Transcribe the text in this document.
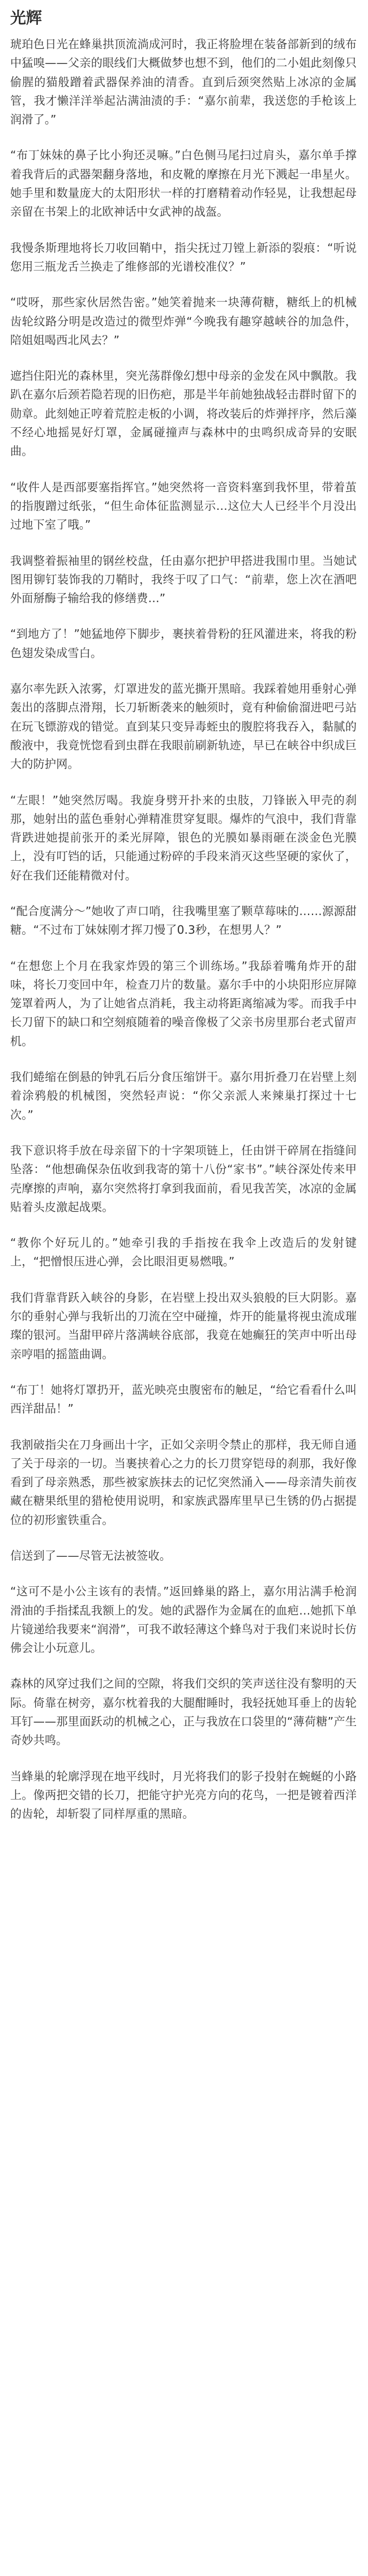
光辉

琥珀色日光在蜂巢拱顶流淌成河时，我正将脸埋在装备部新到的绒布中猛嗅——父亲的眼线们大概做梦也想不到，他们的二小姐此刻像只偷腥的猫般蹭着武器保养油的清香。直到后颈突然贴上冰凉的金属管，我才懒洋洋举起沾满油渍的手：“嘉尔前辈，我送您的手枪该上润滑了。”

“布丁妹妹的鼻子比小狗还灵嘛。”白色侧马尾扫过肩头，嘉尔单手撑着我背后的武器架翻身落地，和皮靴的摩擦在月光下溅起一串星火。她手里和数量庞大的太阳形状一样的打磨精着动作轻晃，让我想起母亲留在书架上的北欧神话中女武神的战盔。

我慢条斯理地将长刀收回鞘中，指尖抚过刀镗上新添的裂痕：“听说您用三瓶龙舌兰换走了维修部的光谱校准仪？”

“哎呀，那些家伙居然告密。”她笑着抛来一块薄荷糖，糖纸上的机械齿轮纹路分明是改造过的微型炸弹“今晚我有趣穿越峡谷的加急件，陪姐姐喝西北风去？”

遮挡住阳光的森林里，突光荡群像幻想中母亲的金发在风中飘散。我趴在嘉尔后颈若隐若现的旧伤疤，那是半年前她独战轻击群时留下的勋章。此刻她正哼着荒腔走板的小调，将改装后的炸弹抨序，然后藻不经心地摇晃好灯罩，金属碰撞声与森林中的虫鸣织成奇异的安眠曲。

“收件人是西部要塞指挥官。”她突然将一音资料塞到我怀里，带着茧的指腹蹭过纸张，“但生命体征监测显示…这位大人已经半个月没出过地下室了哦。”

我调整着振袖里的钢丝校盘，任由嘉尔把护甲搭进我围巾里。当她试图用铆钉装饰我的刀鞘时，我终于叹了口气：“前辈，您上次在酒吧外面掰酶子输给我的修缮费…”

“到地方了！”她猛地停下脚步，裹挟着骨粉的狂风灌进来，将我的粉色翅发染成雪白。

嘉尔率先跃入浓雾，灯罩进发的蓝光撕开黑暗。我踩着她用垂射心弹轰出的落脚点滑翔，长刀斩断袭来的触须时，竟有种偷偷溜进吧弓站在玩飞镖游戏的错觉。直到某只变异毒蛭虫的腹腔将我吞入，黏腻的酸液中，我竟恍惚看到虫群在我眼前刷新轨迹，早已在峡谷中织成巨大的防护网。

“左眼！”她突然厉喝。我旋身劈开扑来的虫肢，刀锋嵌入甲壳的刹那，她射出的蓝色垂射心弹精准贯穿复眼。爆炸的气浪中，我们背靠背跌进她提前张开的柔光屏障，银色的光膜如暴雨砸在淡金色光膜上，没有叮铛的话，只能通过粉碎的手段来消灭这些坚硬的家伙了，好在我们还能精微对付。

“配合度满分～”她收了声口哨，往我嘴里塞了颗草莓味的……源源甜糖。“不过布丁妹妹刚才挥刀慢了0.3秒，在想男人？”

“在想您上个月在我家炸毁的第三个训练场。”我舔着嘴角炸开的甜味，将长刀变回中年，检查刀片的数量。嘉尔手中的小块阳形应屏障笼罩着两人，为了让她省点消耗，我主动将距离缩减为零。而我手中长刀留下的缺口和空刻痕随着的噪音像极了父亲书房里那台老式留声机。

我们蜷缩在倒悬的钟乳石后分食压缩饼干。嘉尔用折叠刀在岩壁上刻着涂鸦般的机械图，突然轻声说：“你父亲派人来辣巢打探过十七次。”

我下意识将手放在母亲留下的十字架项链上，任由饼干碎屑在指缝间坠落：“他想确保杂伍收到我寄的第十八份“家书”。”峡谷深处传来甲壳摩擦的声响，嘉尔突然将打拿到我面前，看见我苦笑，冰凉的金属贴着头皮激起战栗。

“教你个好玩儿的。”她牵引我的手指按在我伞上改造后的发射键上，“把憎恨压进心弹，会比眼泪更易燃哦。”

我们背靠背跃入峡谷的身影，在岩壁上投出双头狼般的巨大阴影。嘉尔的垂射心弹与我斩出的刀流在空中碰撞，炸开的能量将视虫流成璀璨的银河。当甜甲碎片落满峡谷底部，我竟在她癫狂的笑声中听出母亲哼唱的摇篮曲调。

“布丁！她将灯罩扔开，蓝光映亮虫腹密布的触足，“给它看看什么叫西洋甜品！”

我割破指尖在刀身画出十字，正如父亲明令禁止的那样，我无师自通了关于母亲的一切。当裹挟着心之力的长刀贯穿铠母的刹那，我好像看到了母亲熟悉，那些被家族抹去的记忆突然涌入——母亲清失前夜藏在糖果纸里的猎枪使用说明，和家族武器库里早已生锈的仍占据提位的初形蜜铁重合。

信送到了——尽管无法被签收。

“这可不是小公主该有的表情。”返回蜂巢的路上，嘉尔用沾满手枪润滑油的手指揉乱我额上的发。她的武器作为金属在的血疤…她抓下单片镜递给我要来“润滑”，可我不敢轻薄这个蜂鸟对于我们来说时长仿佛会让小玩意儿。

森林的风穿过我们之间的空隙，将我们交织的笑声送往没有黎明的天际。倚靠在树旁，嘉尔枕着我的大腿酣睡时，我轻抚她耳垂上的齿轮耳钉——那里面跃动的机械之心，正与我放在口袋里的“薄荷糖”产生奇妙共鸣。

当蜂巢的轮廓浮现在地平线时，月光将我们的影子投射在蜿蜒的小路上。像两把交错的长刀，把能守护光亮方向的花鸟，一把是镀着西洋的齿轮，却斩裂了同样厚重的黑暗。
